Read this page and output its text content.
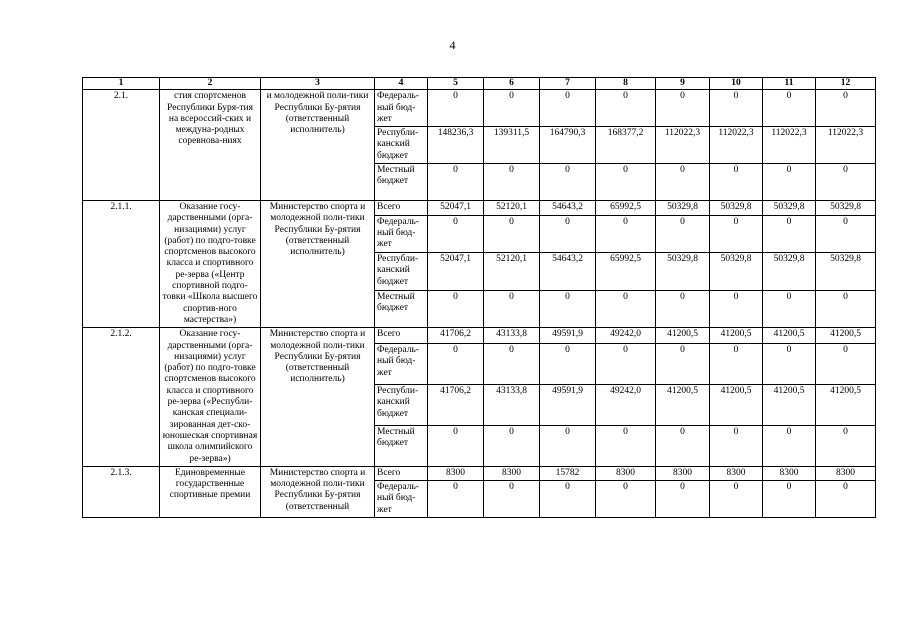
4
1	2	3	4	5	6	7	8	9	10	11	12
2.1.	стия спортсменов Республики Буря-тия на всероссий-ских и междуна-родных соревнова-ниях	и молодежной поли-тики Республики Бу-рятия (ответственный исполнитель)	Федераль-ный бюд-жет	0	0	0	0	0	0	0	0
			Республи-канский бюджет	148236,3	139311,5	164790,3	168377,2	112022,3	112022,3	112022,3	112022,3
			Местный бюджет	0	0	0	0	0	0	0	0
2.1.1.	Оказание госу-дарственными (орга-низациями) услуг (работ) по подго-товке спортсменов высокого класса и спортивного ре-зерва («Центр спортивной подго-товки «Школа высшего спортив-ного мастерства»)	Министерство спорта и молодежной поли-тики Республики Бу-рятия (ответственный исполнитель)	Всего	52047,1	52120,1	54643,2	65992,5	50329,8	50329,8	50329,8	50329,8
			Федераль-ный бюд-жет	0	0	0	0	0	0	0	0
			Республи-канский бюджет	52047,1	52120,1	54643,2	65992,5	50329,8	50329,8	50329,8	50329,8
			Местный бюджет	0	0	0	0	0	0	0	0
2.1.2.	Оказание госу-дарственными (орга-низациями) услуг (работ) по подго-товке спортсменов высокого класса и спортивного ре-зерва («Республи-канская специали-зированная дет-ско-юношеская спортивная школа олимпийского ре-зерва»)	Министерство спорта и молодежной поли-тики Республики Бу-рятия (ответственный исполнитель)	Всего	41706,2	43133,8	49591,9	49242,0	41200,5	41200,5	41200,5	41200,5
			Федераль-ный бюд-жет	0	0	0	0	0	0	0	0
			Республи-канский бюджет	41706,2	43133,8	49591,9	49242,0	41200,5	41200,5	41200,5	41200,5
			Местный бюджет	0	0	0	0	0	0	0	0
2.1.3.	Единовременные государственные спортивные премии	Министерство спорта и молодежной поли-тики Республики Бу-рятия (ответственный	Всего	8300	8300	15782	8300	8300	8300	8300	8300
			Федераль-ный бюд-жет	0	0	0	0	0	0	0	0
